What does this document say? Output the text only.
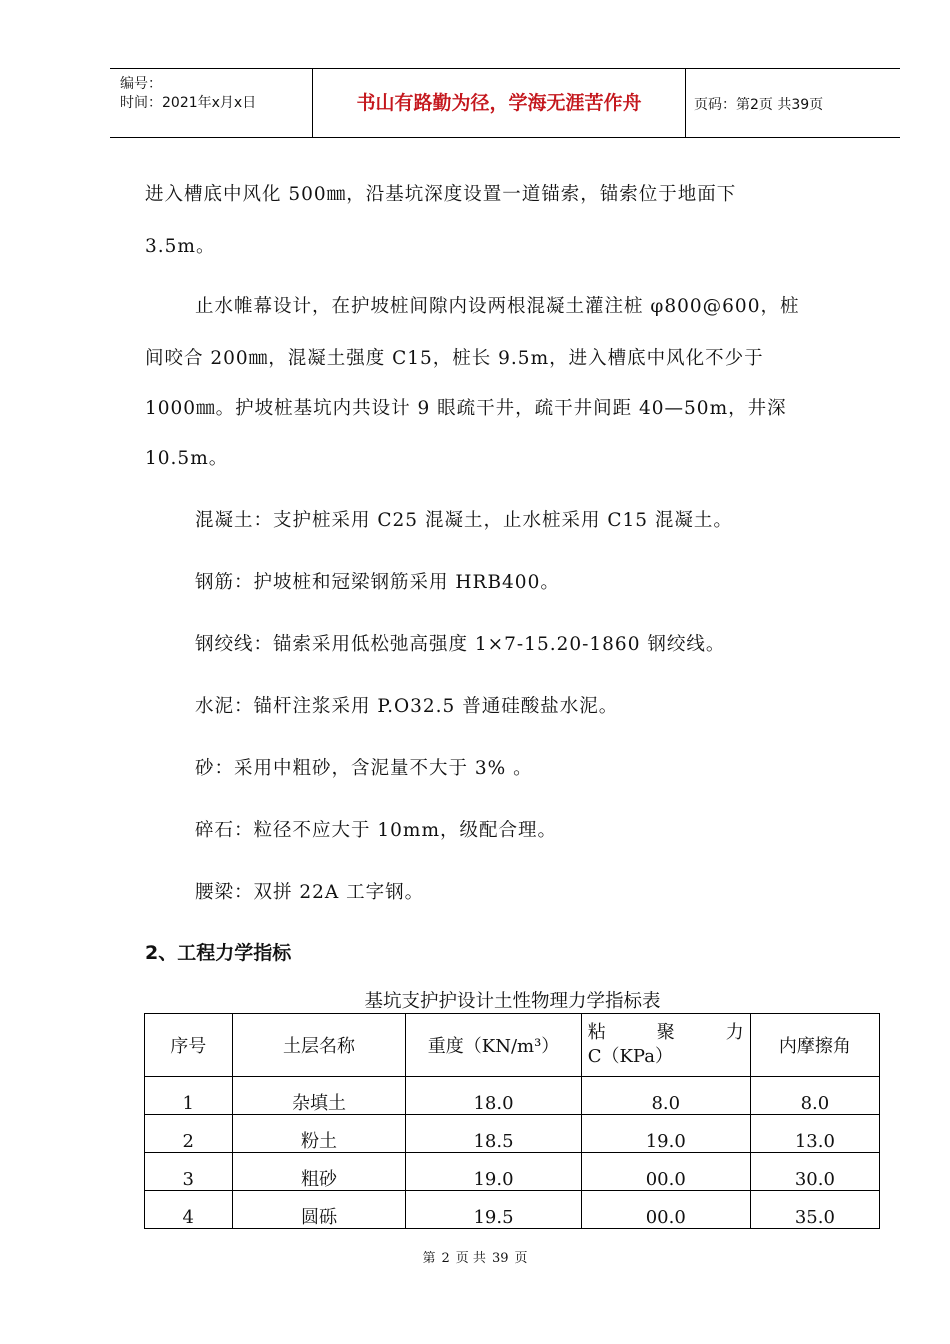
编号：
时间：2021年x月x日	书山有路勤为径，学海无涯苦作舟	页码：第2页 共39页
进入槽底中风化 500㎜，沿基坑深度设置一道锚索，锚索位于地面下
3.5m。
止水帷幕设计，在护坡桩间隙内设两根混凝土灌注桩 φ800@600，桩
间咬合 200㎜，混凝土强度 C15，桩长 9.5m，进入槽底中风化不少于
1000㎜。护坡桩基坑内共设计 9 眼疏干井，疏干井间距 40—50m，井深
10.5m。
混凝土：支护桩采用 C25 混凝土，止水桩采用 C15 混凝土。
钢筋：护坡桩和冠梁钢筋采用 HRB400。
钢绞线：锚索采用低松弛高强度 1×7-15.20-1860 钢绞线。
水泥：锚杆注浆采用 P.O32.5 普通硅酸盐水泥。
砂：采用中粗砂，含泥量不大于 3% 。
碎石：粒径不应大于 10mm，级配合理。
腰梁：双拼 22A 工字钢。
2、工程力学指标
基坑支护护设计土性物理力学指标表
序号	土层名称	重度（KN/m³）	粘 聚 力
C（KPa）	内摩擦角
1	杂填土	18.0	8.0	8.0
2	粉土	18.5	19.0	13.0
3	粗砂	19.0	00.0	30.0
4	圆砾	19.5	00.0	35.0
第 2 页 共 39 页
